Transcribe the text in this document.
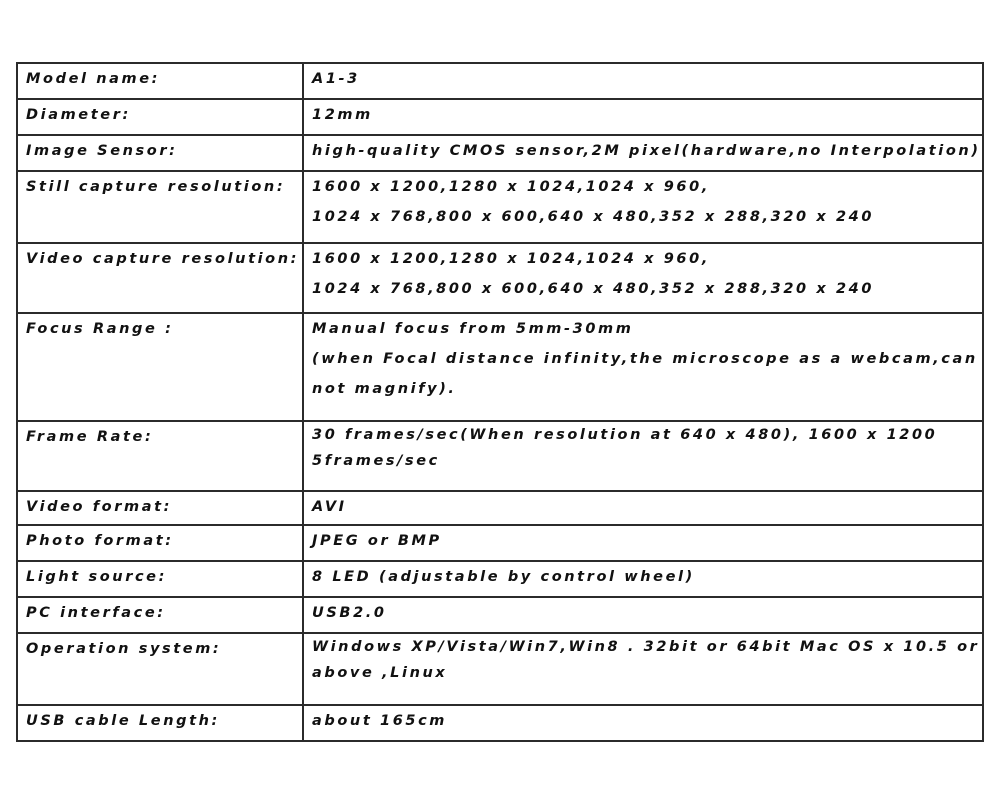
Model name:	A1-3

Diameter:	12mm

Image Sensor:	high-quality CMOS sensor,2M pixel(hardware,no Interpolation)

Still capture resolution:	1600 x 1200,1280 x 1024,1024 x 960,
1024 x 768,800 x 600,640 x 480,352 x 288,320 x 240

Video capture resolution:	1600 x 1200,1280 x 1024,1024 x 960,
1024 x 768,800 x 600,640 x 480,352 x 288,320 x 240

Focus Range :	Manual focus from 5mm-30mm
(when Focal distance infinity,the microscope as a webcam,can
not magnify).

Frame Rate:	30 frames/sec(When resolution at 640 x 480), 1600 x 1200
5frames/sec

Video format:	AVI

Photo format:	JPEG or BMP

Light source:	8 LED (adjustable by control wheel)

PC interface:	USB2.0

Operation system:	Windows XP/Vista/Win7,Win8 . 32bit or 64bit Mac OS x 10.5 or
above ,Linux

USB cable Length:	about 165cm
